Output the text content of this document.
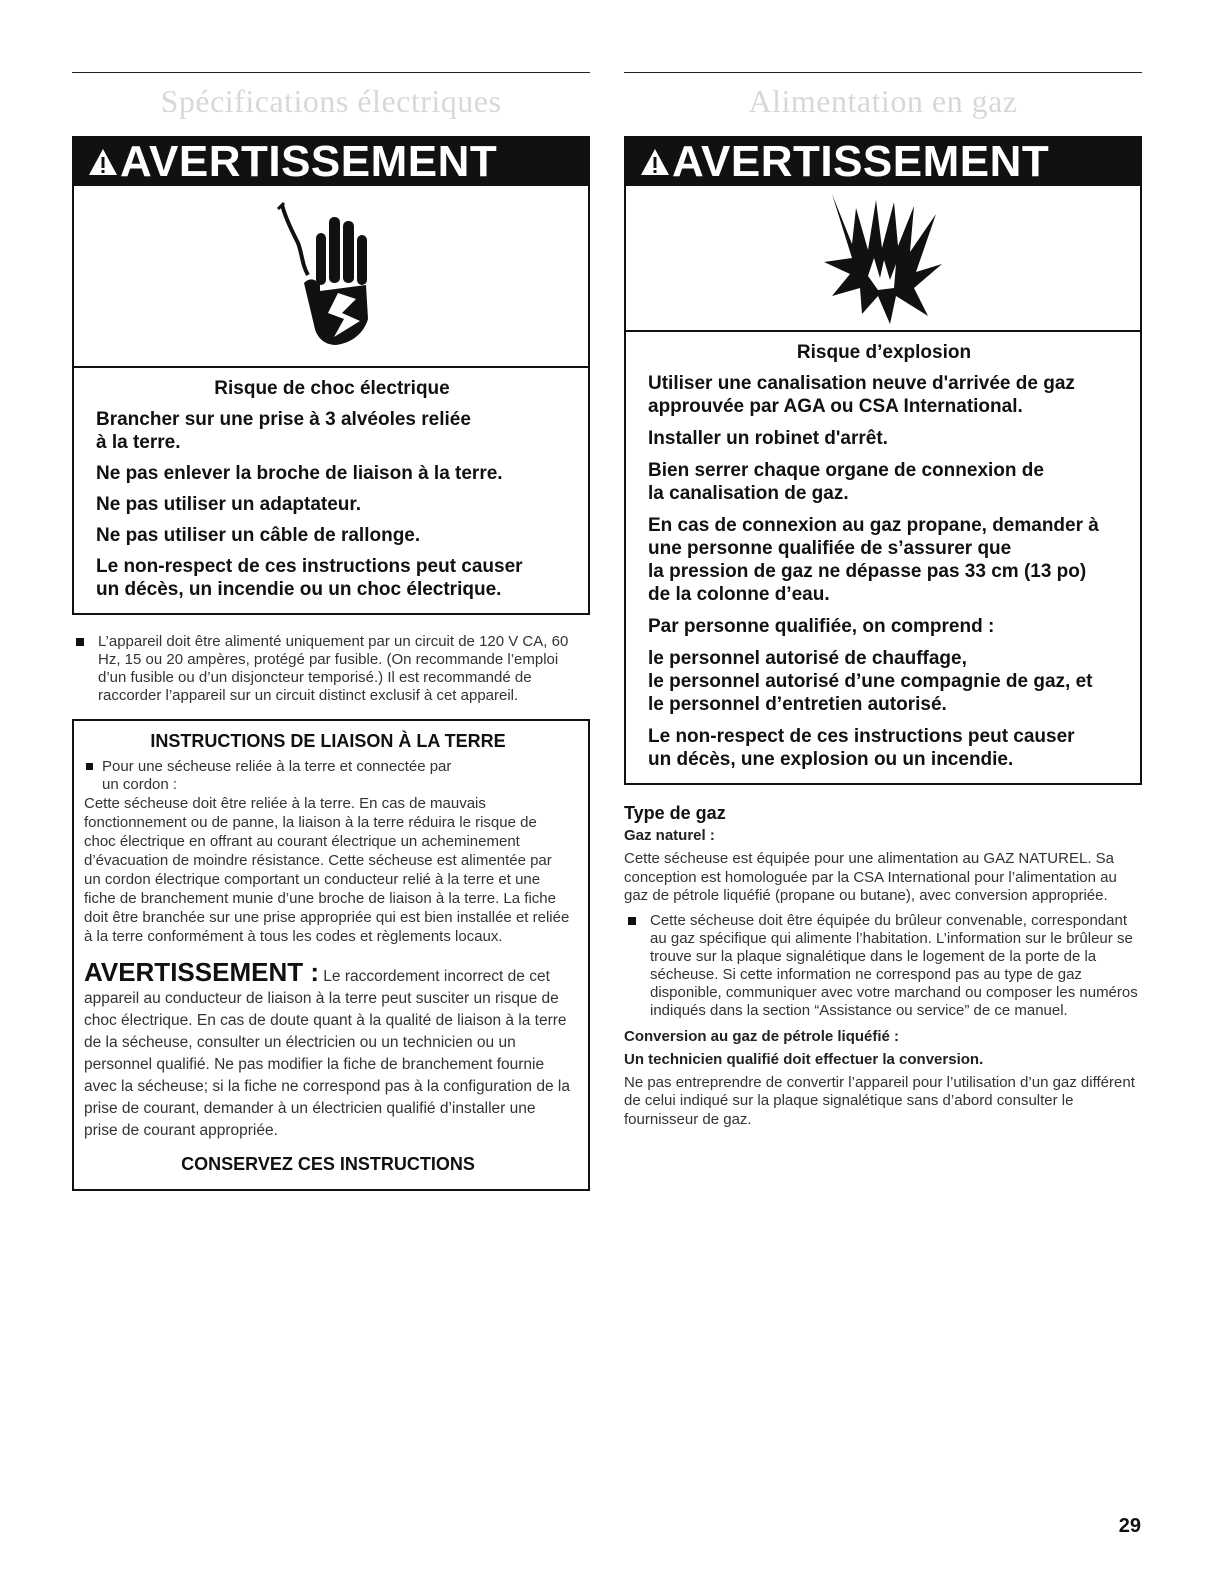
Spécifications électriques
AVERTISSEMENT
Risque de choc électrique
Brancher sur une prise à 3 alvéoles reliée
à la terre.
Ne pas enlever la broche de liaison à la terre.
Ne pas utiliser un adaptateur.
Ne pas utiliser un câble de rallonge.
Le non-respect de ces instructions peut causer
un décès, un incendie ou un choc électrique.
L’appareil doit être alimenté uniquement par un circuit de 120 V CA, 60 Hz, 15 ou 20 ampères, protégé par fusible. (On recommande l’emploi d’un fusible ou d’un disjoncteur temporisé.) Il est recommandé de raccorder l’appareil sur un circuit distinct exclusif à cet appareil.
INSTRUCTIONS DE LIAISON À LA TERRE
Pour une sécheuse reliée à la terre et connectée par
un cordon :
Cette sécheuse doit être reliée à la terre. En cas de mauvais fonctionnement ou de panne, la liaison à la terre réduira le risque de choc électrique en offrant au courant électrique un acheminement d’évacuation de moindre résistance. Cette sécheuse est alimentée par un cordon électrique comportant un conducteur relié à la terre et une fiche de branchement munie d’une broche de liaison à la terre. La fiche doit être branchée sur une prise appropriée qui est bien installée et reliée à la terre conformément à tous les codes et règlements locaux.
AVERTISSEMENT : Le raccordement incorrect de cet appareil au conducteur de liaison à la terre peut susciter un risque de choc électrique. En cas de doute quant à la qualité de liaison à la terre de la sécheuse, consulter un électricien ou un technicien ou un personnel qualifié. Ne pas modifier la fiche de branchement fournie avec la sécheuse; si la fiche ne correspond pas à la configuration de la prise de courant, demander à un électricien qualifié d’installer une prise de courant appropriée.
CONSERVEZ CES INSTRUCTIONS
Alimentation en gaz
AVERTISSEMENT
Risque d’explosion
Utiliser une canalisation neuve d'arrivée de gaz
approuvée par AGA ou CSA International.
Installer un robinet d'arrêt.
Bien serrer chaque organe de connexion de
la canalisation de gaz.
En cas de connexion au gaz propane, demander à
une personne qualifiée de s’assurer que
la pression de gaz ne dépasse pas 33 cm (13 po)
de la colonne d’eau.
Par personne qualifiée, on comprend :
le personnel autorisé de chauffage,
le personnel autorisé d’une compagnie de gaz, et
le personnel d’entretien autorisé.
Le non-respect de ces instructions peut causer
un décès, une explosion ou un incendie.
Type de gaz
Gaz naturel :

Cette sécheuse est équipée pour une alimentation au GAZ NATUREL. Sa conception est homologuée par la CSA International pour l’alimentation au gaz de pétrole liquéfié (propane ou butane), avec conversion appropriée.

Cette sécheuse doit être équipée du brûleur convenable, correspondant au gaz spécifique qui alimente l’habitation. L’information sur le brûleur se trouve sur la plaque signalétique dans le logement de la porte de la sécheuse. Si cette information ne correspond pas au type de gaz disponible, communiquer avec votre marchand ou composer les numéros indiqués dans la section “Assistance ou service” de ce manuel.
Conversion au gaz de pétrole liquéfié :
Un technicien qualifié doit effectuer la conversion.

Ne pas entreprendre de convertir l’appareil pour l’utilisation d’un gaz différent de celui indiqué sur la plaque signalétique sans d’abord consulter le fournisseur de gaz.

29
